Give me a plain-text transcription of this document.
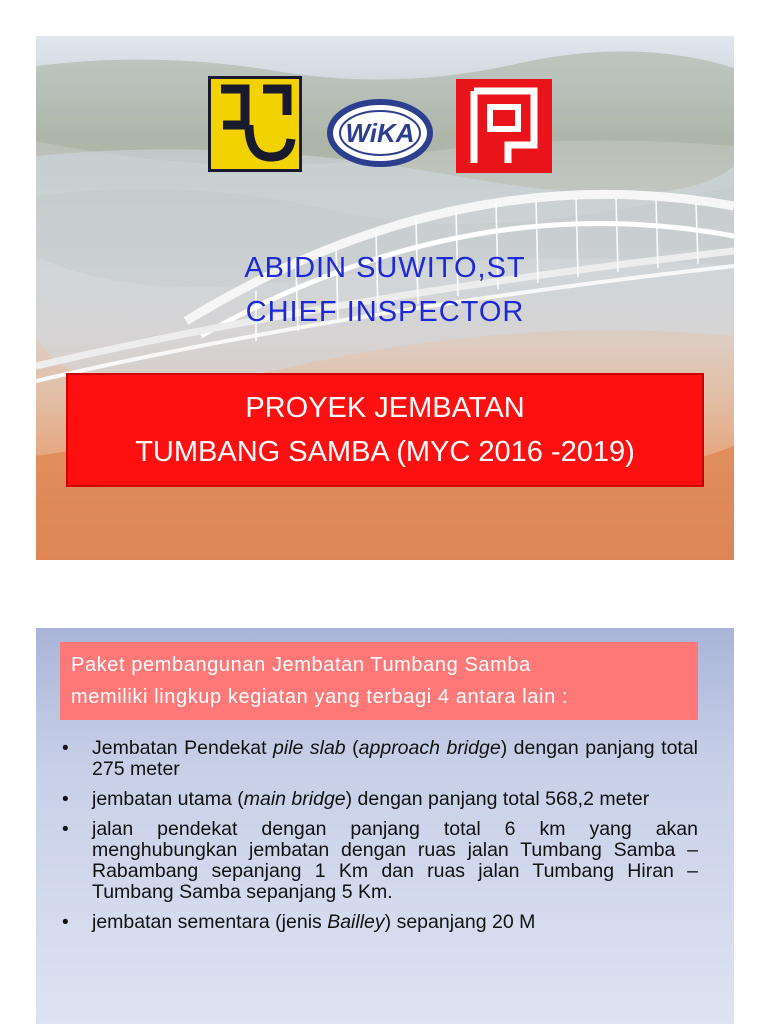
WiKA
ABIDIN SUWITO,ST
CHIEF INSPECTOR
PROYEK JEMBATAN
TUMBANG SAMBA (MYC 2016 -2019)
Paket pembangunan Jembatan Tumbang Samba
memiliki lingkup kegiatan yang terbagi 4 antara lain :
• Jembatan Pendekat pile slab (approach bridge) dengan panjang total 275 meter
• jembatan utama (main bridge) dengan panjang total 568,2 meter
• jalan pendekat dengan panjang total 6 km yang akan menghubungkan jembatan dengan ruas jalan Tumbang Samba – Rabambang sepanjang 1 Km dan ruas jalan Tumbang Hiran – Tumbang Samba sepanjang 5 Km.
• jembatan sementara (jenis Bailley) sepanjang 20 M
